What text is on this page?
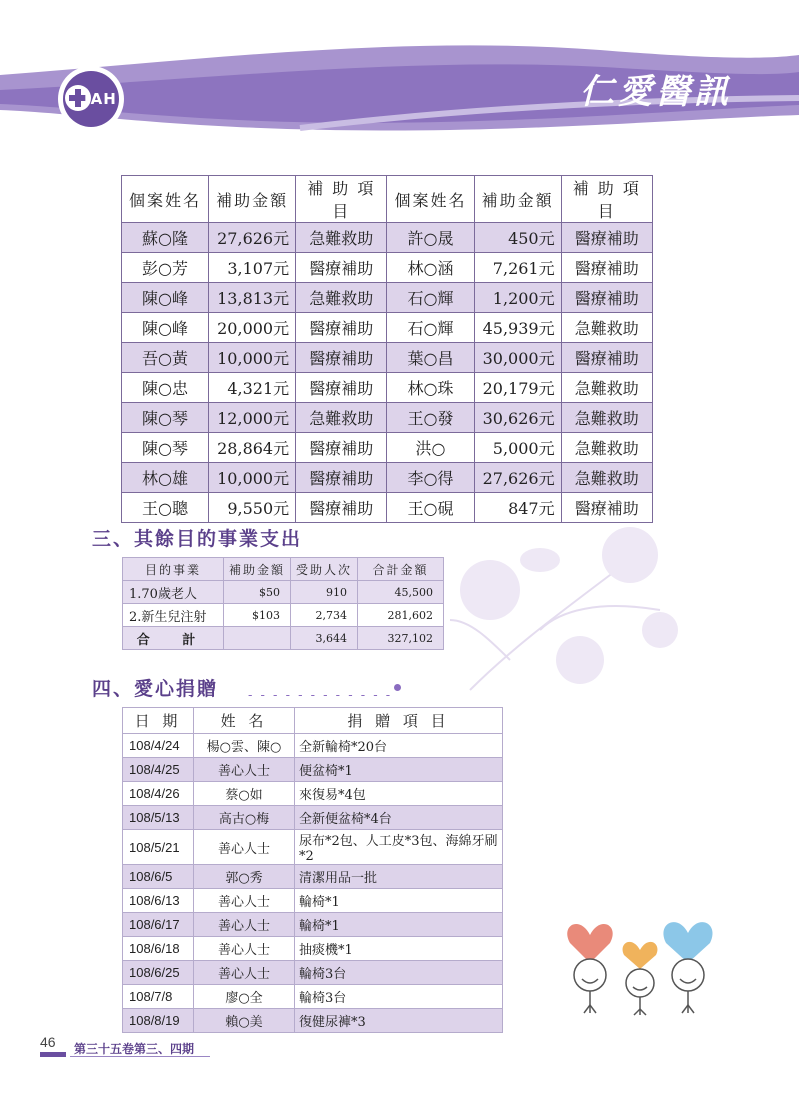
JAH	仁愛醫訊
個案姓名	補助金額	補 助 項 目	個案姓名	補助金額	補 助 項 目
蘇○隆	27,626元	急難救助	許○晟	450元	醫療補助
彭○芳	3,107元	醫療補助	林○涵	7,261元	醫療補助
陳○峰	13,813元	急難救助	石○輝	1,200元	醫療補助
陳○峰	20,000元	醫療補助	石○輝	45,939元	急難救助
吾○黃	10,000元	醫療補助	葉○昌	30,000元	醫療補助
陳○忠	4,321元	醫療補助	林○珠	20,179元	急難救助
陳○琴	12,000元	急難救助	王○發	30,626元	急難救助
陳○琴	28,864元	醫療補助	洪○	5,000元	急難救助
林○雄	10,000元	醫療補助	李○得	27,626元	急難救助
王○聰	9,550元	醫療補助	王○硯	847元	醫療補助
三、其餘目的事業支出
目的事業	補助金額	受助人次	合計金額
1.70歲老人	$50	910	45,500
2.新生兒注射	$103	2,734	281,602
合 計		3,644	327,102
四、愛心捐贈 - - - - - - - - - - - -
日 期	姓 名	捐 贈 項 目
108/4/24	楊○雲、陳○	全新輪椅*20台
108/4/25	善心人士	便盆椅*1
108/4/26	蔡○如	來復易*4包
108/5/13	高古○梅	全新便盆椅*4台
108/5/21	善心人士	尿布*2包、人工皮*3包、海綿牙刷*2
108/6/5	郭○秀	清潔用品一批
108/6/13	善心人士	輪椅*1
108/6/17	善心人士	輪椅*1
108/6/18	善心人士	抽痰機*1
108/6/25	善心人士	輪椅3台
108/7/8	廖○全	輪椅3台
108/8/19	賴○美	復健尿褲*3
46 第三十五卷第三、四期
